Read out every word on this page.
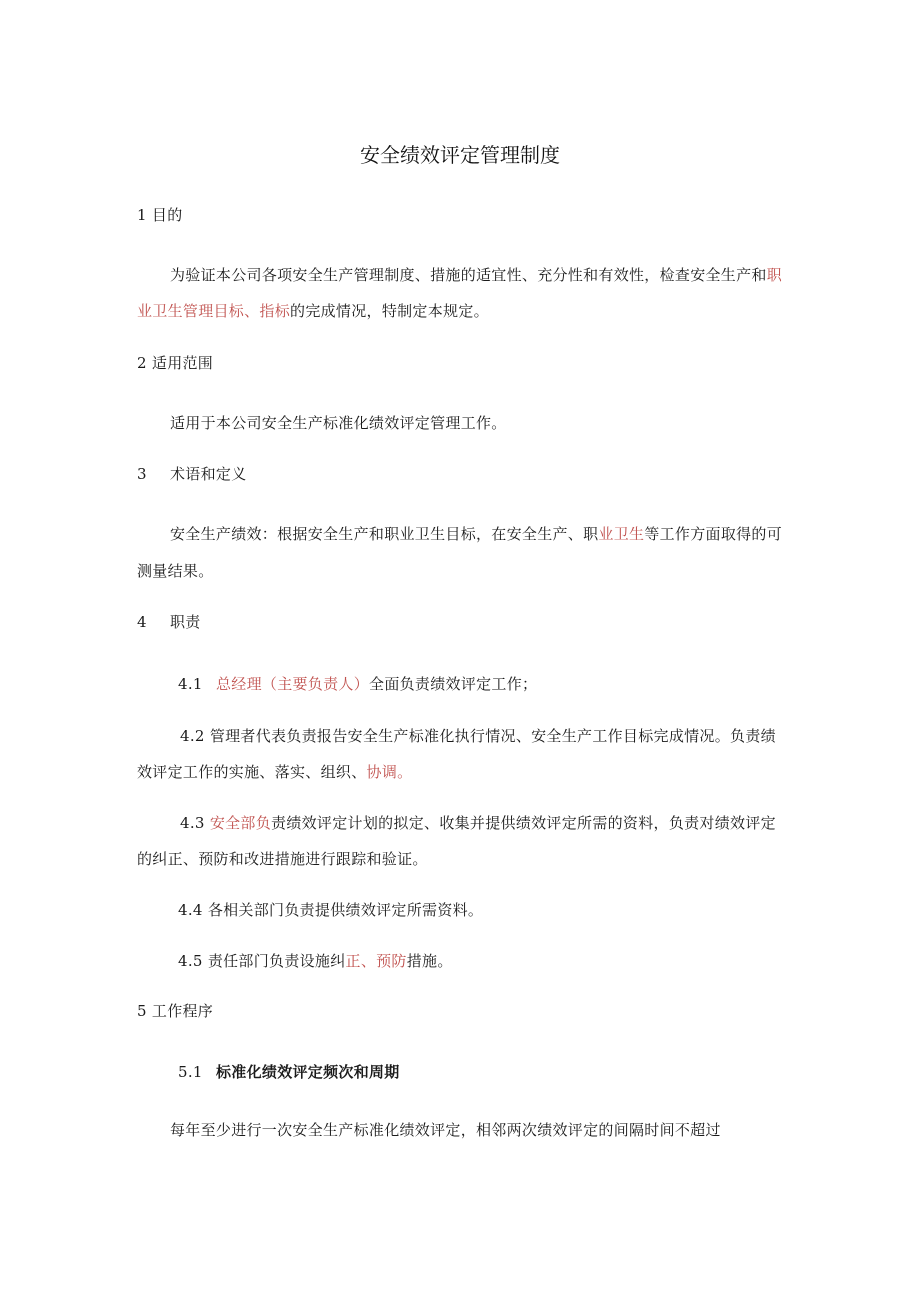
安全绩效评定管理制度
1 目的
为验证本公司各项安全生产管理制度、措施的适宜性、充分性和有效性，检查安全生产和职
业卫生管理目标、指标的完成情况，特制定本规定。
2 适用范围
适用于本公司安全生产标准化绩效评定管理工作。
3 术语和定义
安全生产绩效：根据安全生产和职业卫生目标，在安全生产、职业卫生等工作方面取得的可
测量结果。
4 职责
4.1 总经理（主要负责人）全面负责绩效评定工作；
4.2 管理者代表负责报告安全生产标准化执行情况、安全生产工作目标完成情况。负责绩
效评定工作的实施、落实、组织、协调。
4.3 安全部负责绩效评定计划的拟定、收集并提供绩效评定所需的资料，负责对绩效评定
的纠正、预防和改进措施进行跟踪和验证。
4.4 各相关部门负责提供绩效评定所需资料。
4.5 责任部门负责设施纠正、预防措施。
5 工作程序
5.1 标准化绩效评定频次和周期
每年至少进行一次安全生产标准化绩效评定，相邻两次绩效评定的间隔时间不超过
